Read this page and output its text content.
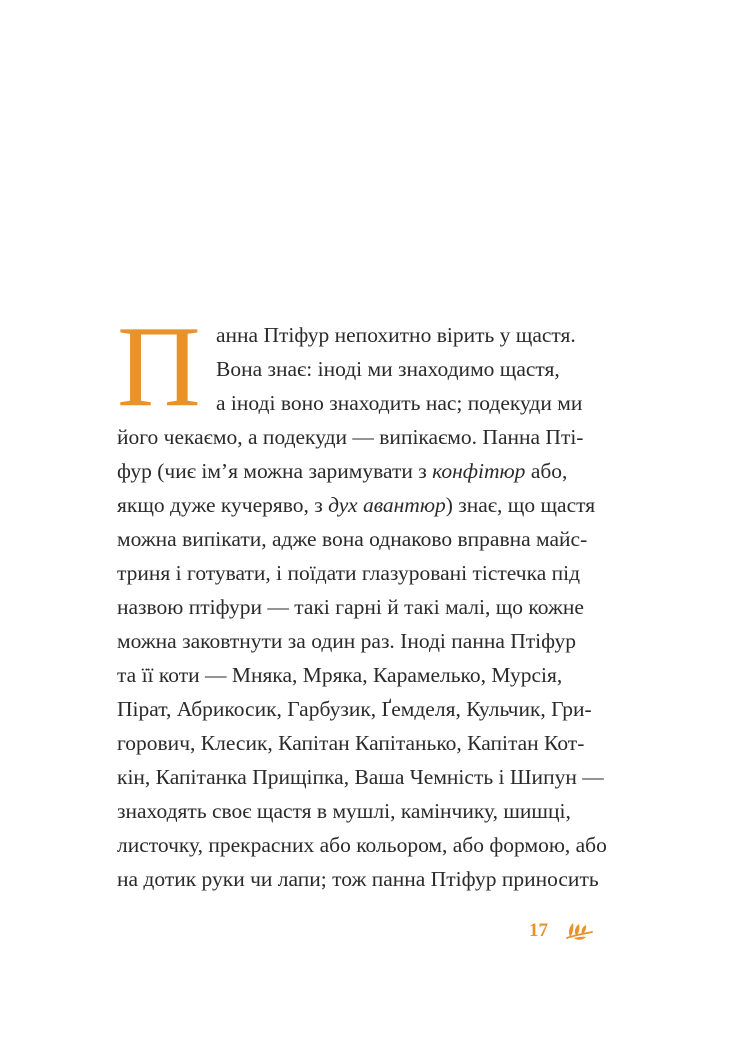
П анна Птіфур непохитно вірить у щастя.
Вона знає: іноді ми знаходимо щастя,
а іноді воно знаходить нас; подекуди ми
його чекаємо, а подекуди — випікаємо. Панна Пті-
фур (чиє ім’я можна заримувати з конфітюр або,
якщо дуже кучеряво, з дух авантюр) знає, що щастя
можна випікати, адже вона однаково вправна майс-
триня і готувати, і поїдати глазуровані тістечка під
назвою птіфури — такі гарні й такі малі, що кожне
можна заковтнути за один раз. Іноді панна Птіфур
та її коти — Мняка, Мряка, Карамелько, Мурсія,
Пірат, Абрикосик, Гарбузик, Ґемделя, Кульчик, Гри-
горович, Клесик, Капітан Капітанько, Капітан Кот-
кін, Капітанка Прищіпка, Ваша Чемність і Шипун —
знаходять своє щастя в мушлі, камінчику, шишці,
листочку, прекрасних або кольором, або формою, або
на дотик руки чи лапи; тож панна Птіфур приносить
17
